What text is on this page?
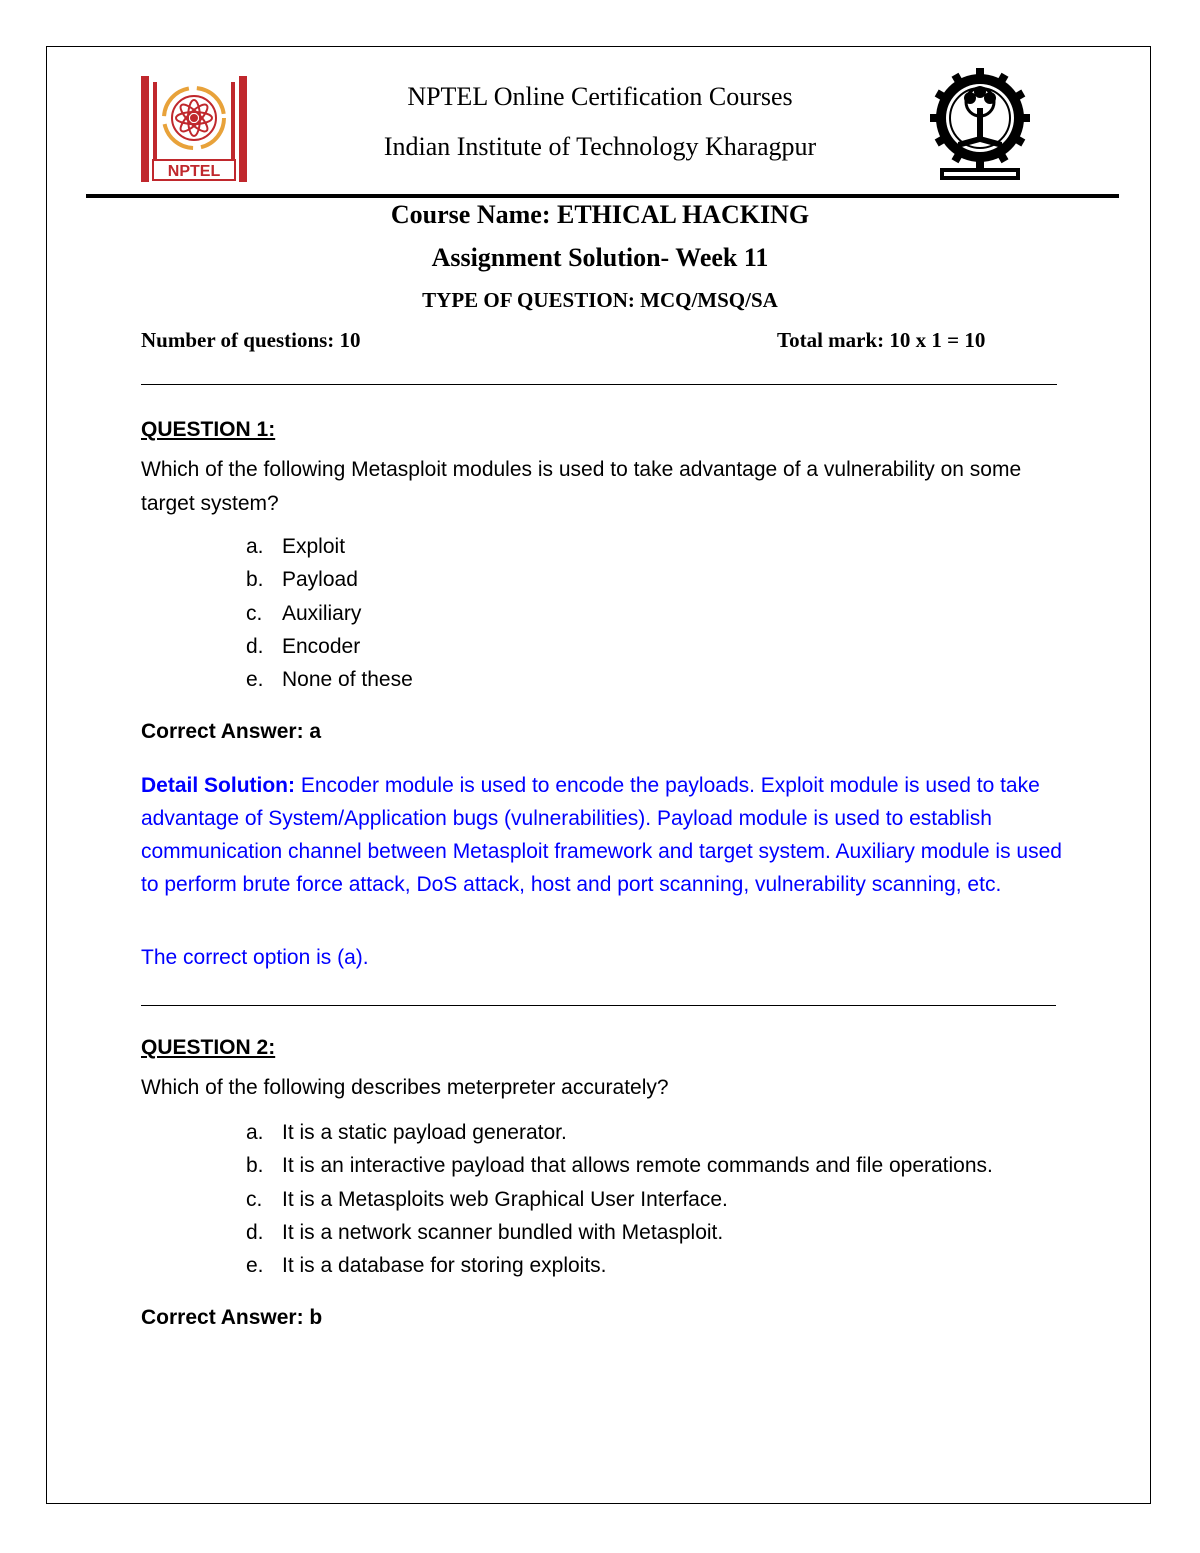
NPTEL
NPTEL Online Certification Courses
Indian Institute of Technology Kharagpur
Course Name: ETHICAL HACKING
Assignment Solution- Week 11
TYPE OF QUESTION: MCQ/MSQ/SA
Number of questions: 10	Total mark: 10 x 1 = 10
QUESTION 1:
Which of the following Metasploit modules is used to take advantage of a vulnerability on some target system?
a. Exploit
b. Payload
c. Auxiliary
d. Encoder
e. None of these
Correct Answer: a
Detail Solution: Encoder module is used to encode the payloads. Exploit module is used to take advantage of System/Application bugs (vulnerabilities). Payload module is used to establish communication channel between Metasploit framework and target system. Auxiliary module is used to perform brute force attack, DoS attack, host and port scanning, vulnerability scanning, etc.
The correct option is (a).
QUESTION 2:
Which of the following describes meterpreter accurately?
a. It is a static payload generator.
b. It is an interactive payload that allows remote commands and file operations.
c. It is a Metasploits web Graphical User Interface.
d. It is a network scanner bundled with Metasploit.
e. It is a database for storing exploits.
Correct Answer: b
